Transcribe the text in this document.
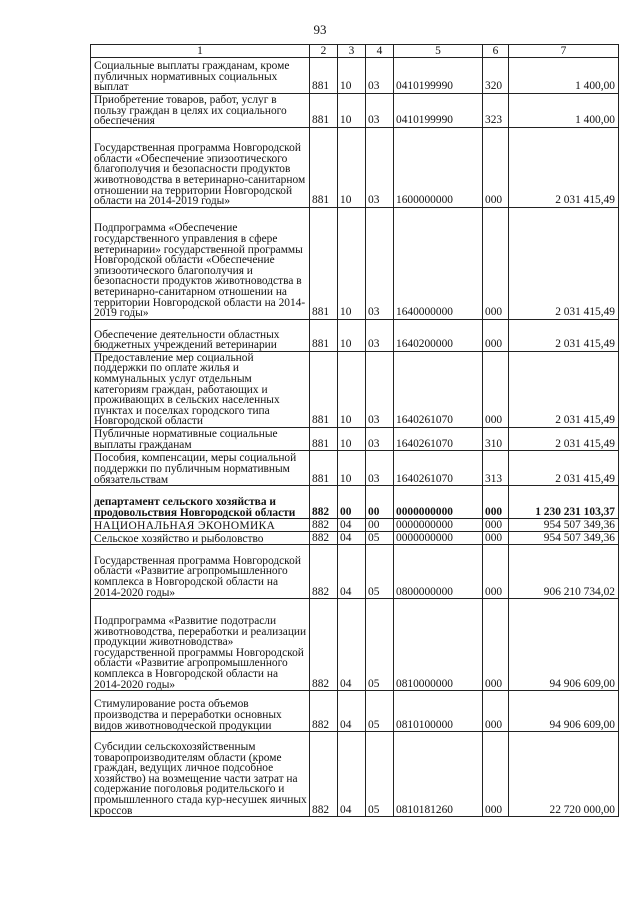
93
1	2	3	4	5	6	7
Социальные выплаты гражданам, кроме публичных нормативных социальных выплат	881	10	03	0410199990	320	1 400,00
Приобретение товаров, работ, услуг в пользу граждан в целях их социального обеспечения	881	10	03	0410199990	323	1 400,00
Государственная программа Новгородской области «Обеспечение эпизоотического благополучия и безопасности продуктов животноводства в ветеринарно-санитарном отношении на территории Новгородской области на 2014-2019 годы»	881	10	03	1600000000	000	2 031 415,49
Подпрограмма «Обеспечение государственного управления в сфере ветеринарии» государственной программы Новгородской области «Обеспечение эпизоотического благополучия и безопасности продуктов животноводства в ветеринарно-санитарном отношении на территории Новгородской области на 2014-2019 годы»	881	10	03	1640000000	000	2 031 415,49
Обеспечение деятельности областных бюджетных учреждений ветеринарии	881	10	03	1640200000	000	2 031 415,49
Предоставление мер социальной поддержки по оплате жилья и коммунальных услуг отдельным категориям граждан, работающих и проживающих в сельских населенных пунктах и поселках городского типа Новгородской области	881	10	03	1640261070	000	2 031 415,49
Публичные нормативные социальные выплаты гражданам	881	10	03	1640261070	310	2 031 415,49
Пособия, компенсации, меры социальной поддержки по публичным нормативным обязательствам	881	10	03	1640261070	313	2 031 415,49
департамент сельского хозяйства и продовольствия Новгородской области	882	00	00	0000000000	000	1 230 231 103,37
НАЦИОНАЛЬНАЯ ЭКОНОМИКА	882	04	00	0000000000	000	954 507 349,36
Сельское хозяйство и рыболовство	882	04	05	0000000000	000	954 507 349,36
Государственная программа Новгородской области «Развитие агропромышленного комплекса в Новгородской области на 2014-2020 годы»	882	04	05	0800000000	000	906 210 734,02
Подпрограмма «Развитие подотрасли животноводства, переработки и реализации продукции животноводства» государственной программы Новгородской области «Развитие агропромышленного комплекса в Новгородской области на 2014-2020 годы»	882	04	05	0810000000	000	94 906 609,00
Стимулирование роста объемов производства и переработки основных видов животноводческой продукции	882	04	05	0810100000	000	94 906 609,00
Субсидии сельскохозяйственным товаропроизводителям области (кроме граждан, ведущих личное подсобное хозяйство) на возмещение части затрат на содержание поголовья родительского и промышленного стада кур-несушек яичных кроссов	882	04	05	0810181260	000	22 720 000,00
